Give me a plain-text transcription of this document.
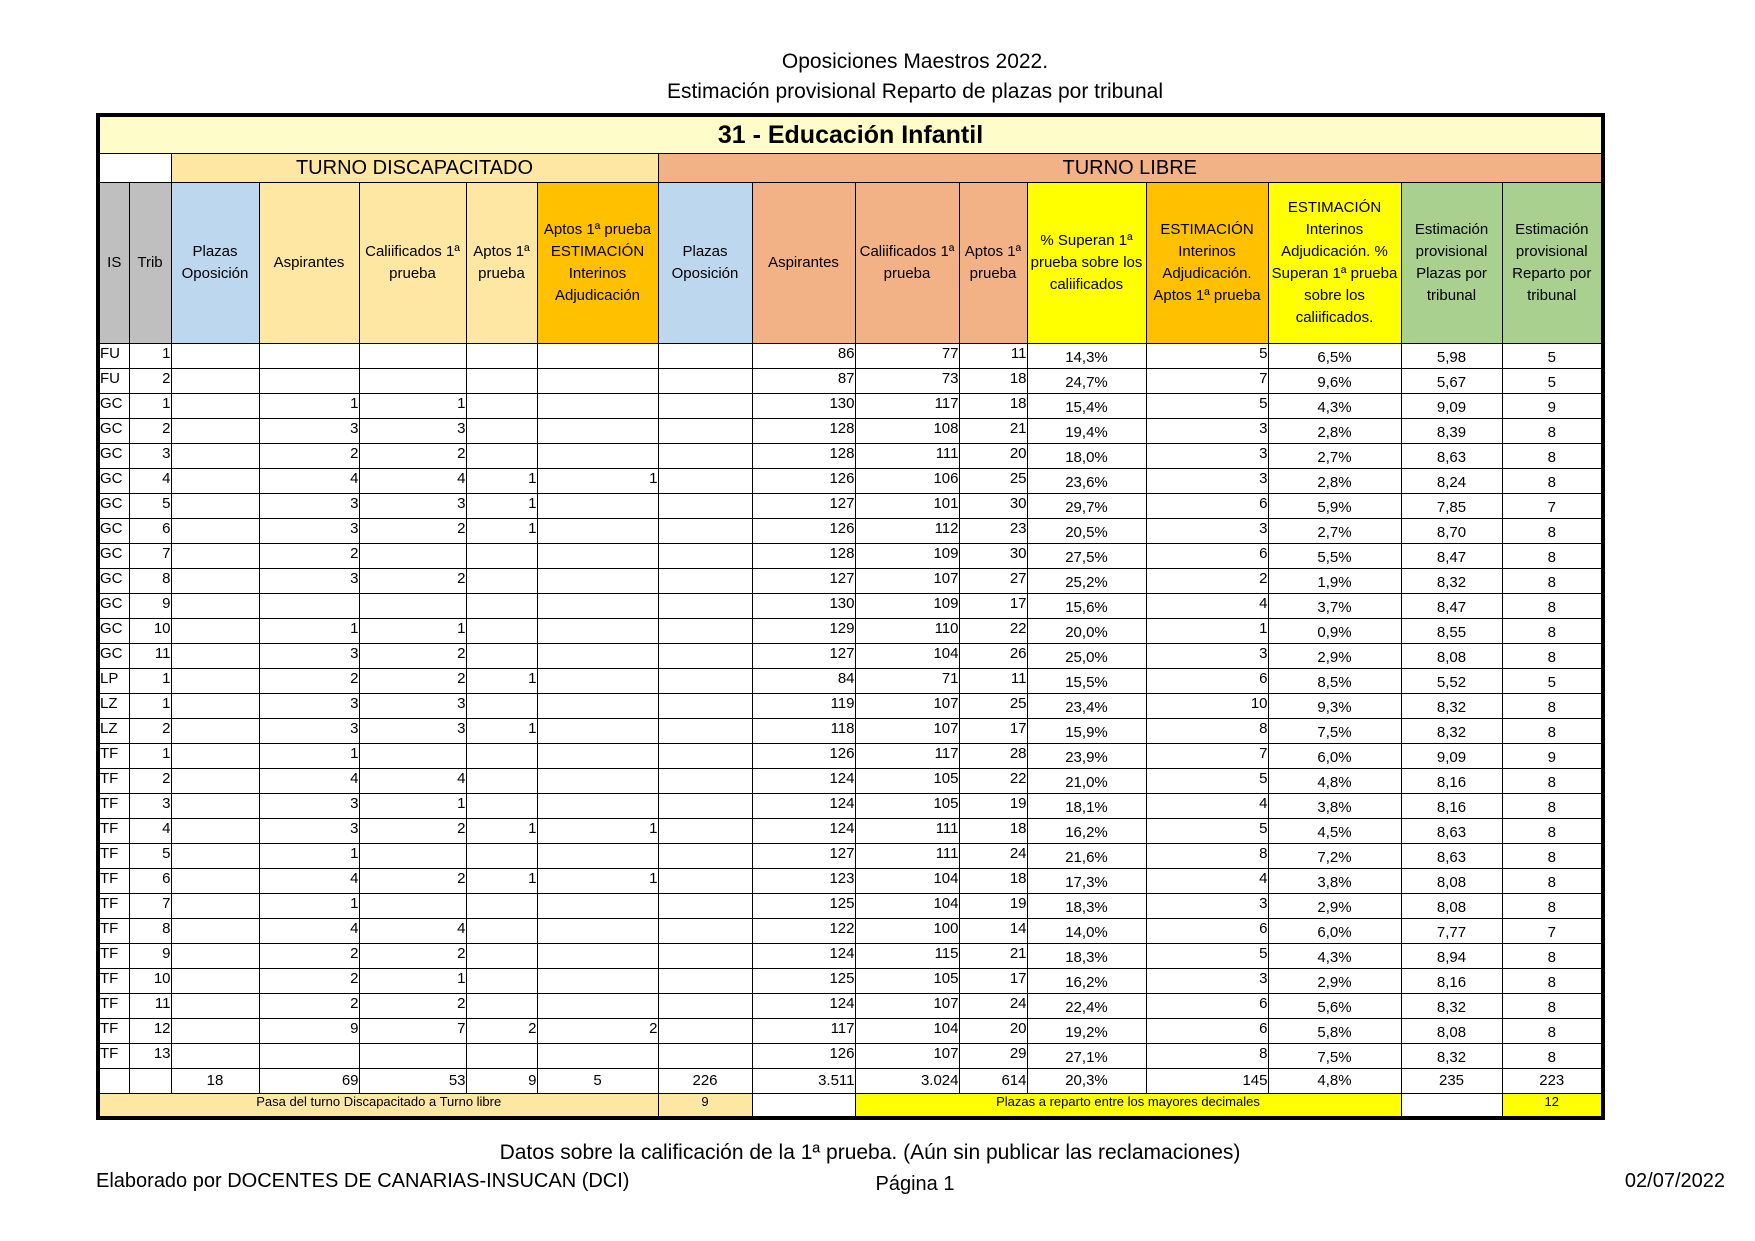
Oposiciones Maestros 2022.
Estimación provisional Reparto de plazas por tribunal
31 - Educación Infantil															
		TURNO DISCAPACITADO					TURNO LIBRE								
IS	Trib	Plazas Oposición	Aspirantes	Caliificados 1ª prueba	Aptos 1ª prueba	Aptos 1ª prueba ESTIMACIÓN Interinos Adjudicación	Plazas Oposición	Aspirantes	Caliificados 1ª prueba	Aptos 1ª prueba	% Superan 1ª prueba sobre los caliificados	ESTIMACIÓN Interinos Adjudicación. Aptos 1ª prueba	ESTIMACIÓN Interinos Adjudicación. % Superan 1ª prueba sobre los caliificados.	Estimación provisional Plazas por tribunal	Estimación provisional Reparto por tribunal
FU	1							86	77	11	14,3%	5	6,5%	5,98	5
FU	2							87	73	18	24,7%	7	9,6%	5,67	5
GC	1		1	1				130	117	18	15,4%	5	4,3%	9,09	9
GC	2		3	3				128	108	21	19,4%	3	2,8%	8,39	8
GC	3		2	2				128	111	20	18,0%	3	2,7%	8,63	8
GC	4		4	4	1	1		126	106	25	23,6%	3	2,8%	8,24	8
GC	5		3	3	1			127	101	30	29,7%	6	5,9%	7,85	7
GC	6		3	2	1			126	112	23	20,5%	3	2,7%	8,70	8
GC	7		2					128	109	30	27,5%	6	5,5%	8,47	8
GC	8		3	2				127	107	27	25,2%	2	1,9%	8,32	8
GC	9							130	109	17	15,6%	4	3,7%	8,47	8
GC	10		1	1				129	110	22	20,0%	1	0,9%	8,55	8
GC	11		3	2				127	104	26	25,0%	3	2,9%	8,08	8
LP	1		2	2	1			84	71	11	15,5%	6	8,5%	5,52	5
LZ	1		3	3				119	107	25	23,4%	10	9,3%	8,32	8
LZ	2		3	3	1			118	107	17	15,9%	8	7,5%	8,32	8
TF	1		1					126	117	28	23,9%	7	6,0%	9,09	9
TF	2		4	4				124	105	22	21,0%	5	4,8%	8,16	8
TF	3		3	1				124	105	19	18,1%	4	3,8%	8,16	8
TF	4		3	2	1	1		124	111	18	16,2%	5	4,5%	8,63	8
TF	5		1					127	111	24	21,6%	8	7,2%	8,63	8
TF	6		4	2	1	1		123	104	18	17,3%	4	3,8%	8,08	8
TF	7		1					125	104	19	18,3%	3	2,9%	8,08	8
TF	8		4	4				122	100	14	14,0%	6	6,0%	7,77	7
TF	9		2	2				124	115	21	18,3%	5	4,3%	8,94	8
TF	10		2	1				125	105	17	16,2%	3	2,9%	8,16	8
TF	11		2	2				124	107	24	22,4%	6	5,6%	8,32	8
TF	12		9	7	2	2		117	104	20	19,2%	6	5,8%	8,08	8
TF	13							126	107	29	27,1%	8	7,5%	8,32	8
		18	69	53	9	5	226	3.511	3.024	614	20,3%	145	4,8%	235	223
Pasa del turno Discapacitado a Turno libre							9		Plazas a reparto entre los mayores decimales						12
Datos sobre la calificación de la 1ª prueba. (Aún sin publicar las reclamaciones)
Elaborado por DOCENTES DE CANARIAS-INSUCAN (DCI)	Página 1	02/07/2022
